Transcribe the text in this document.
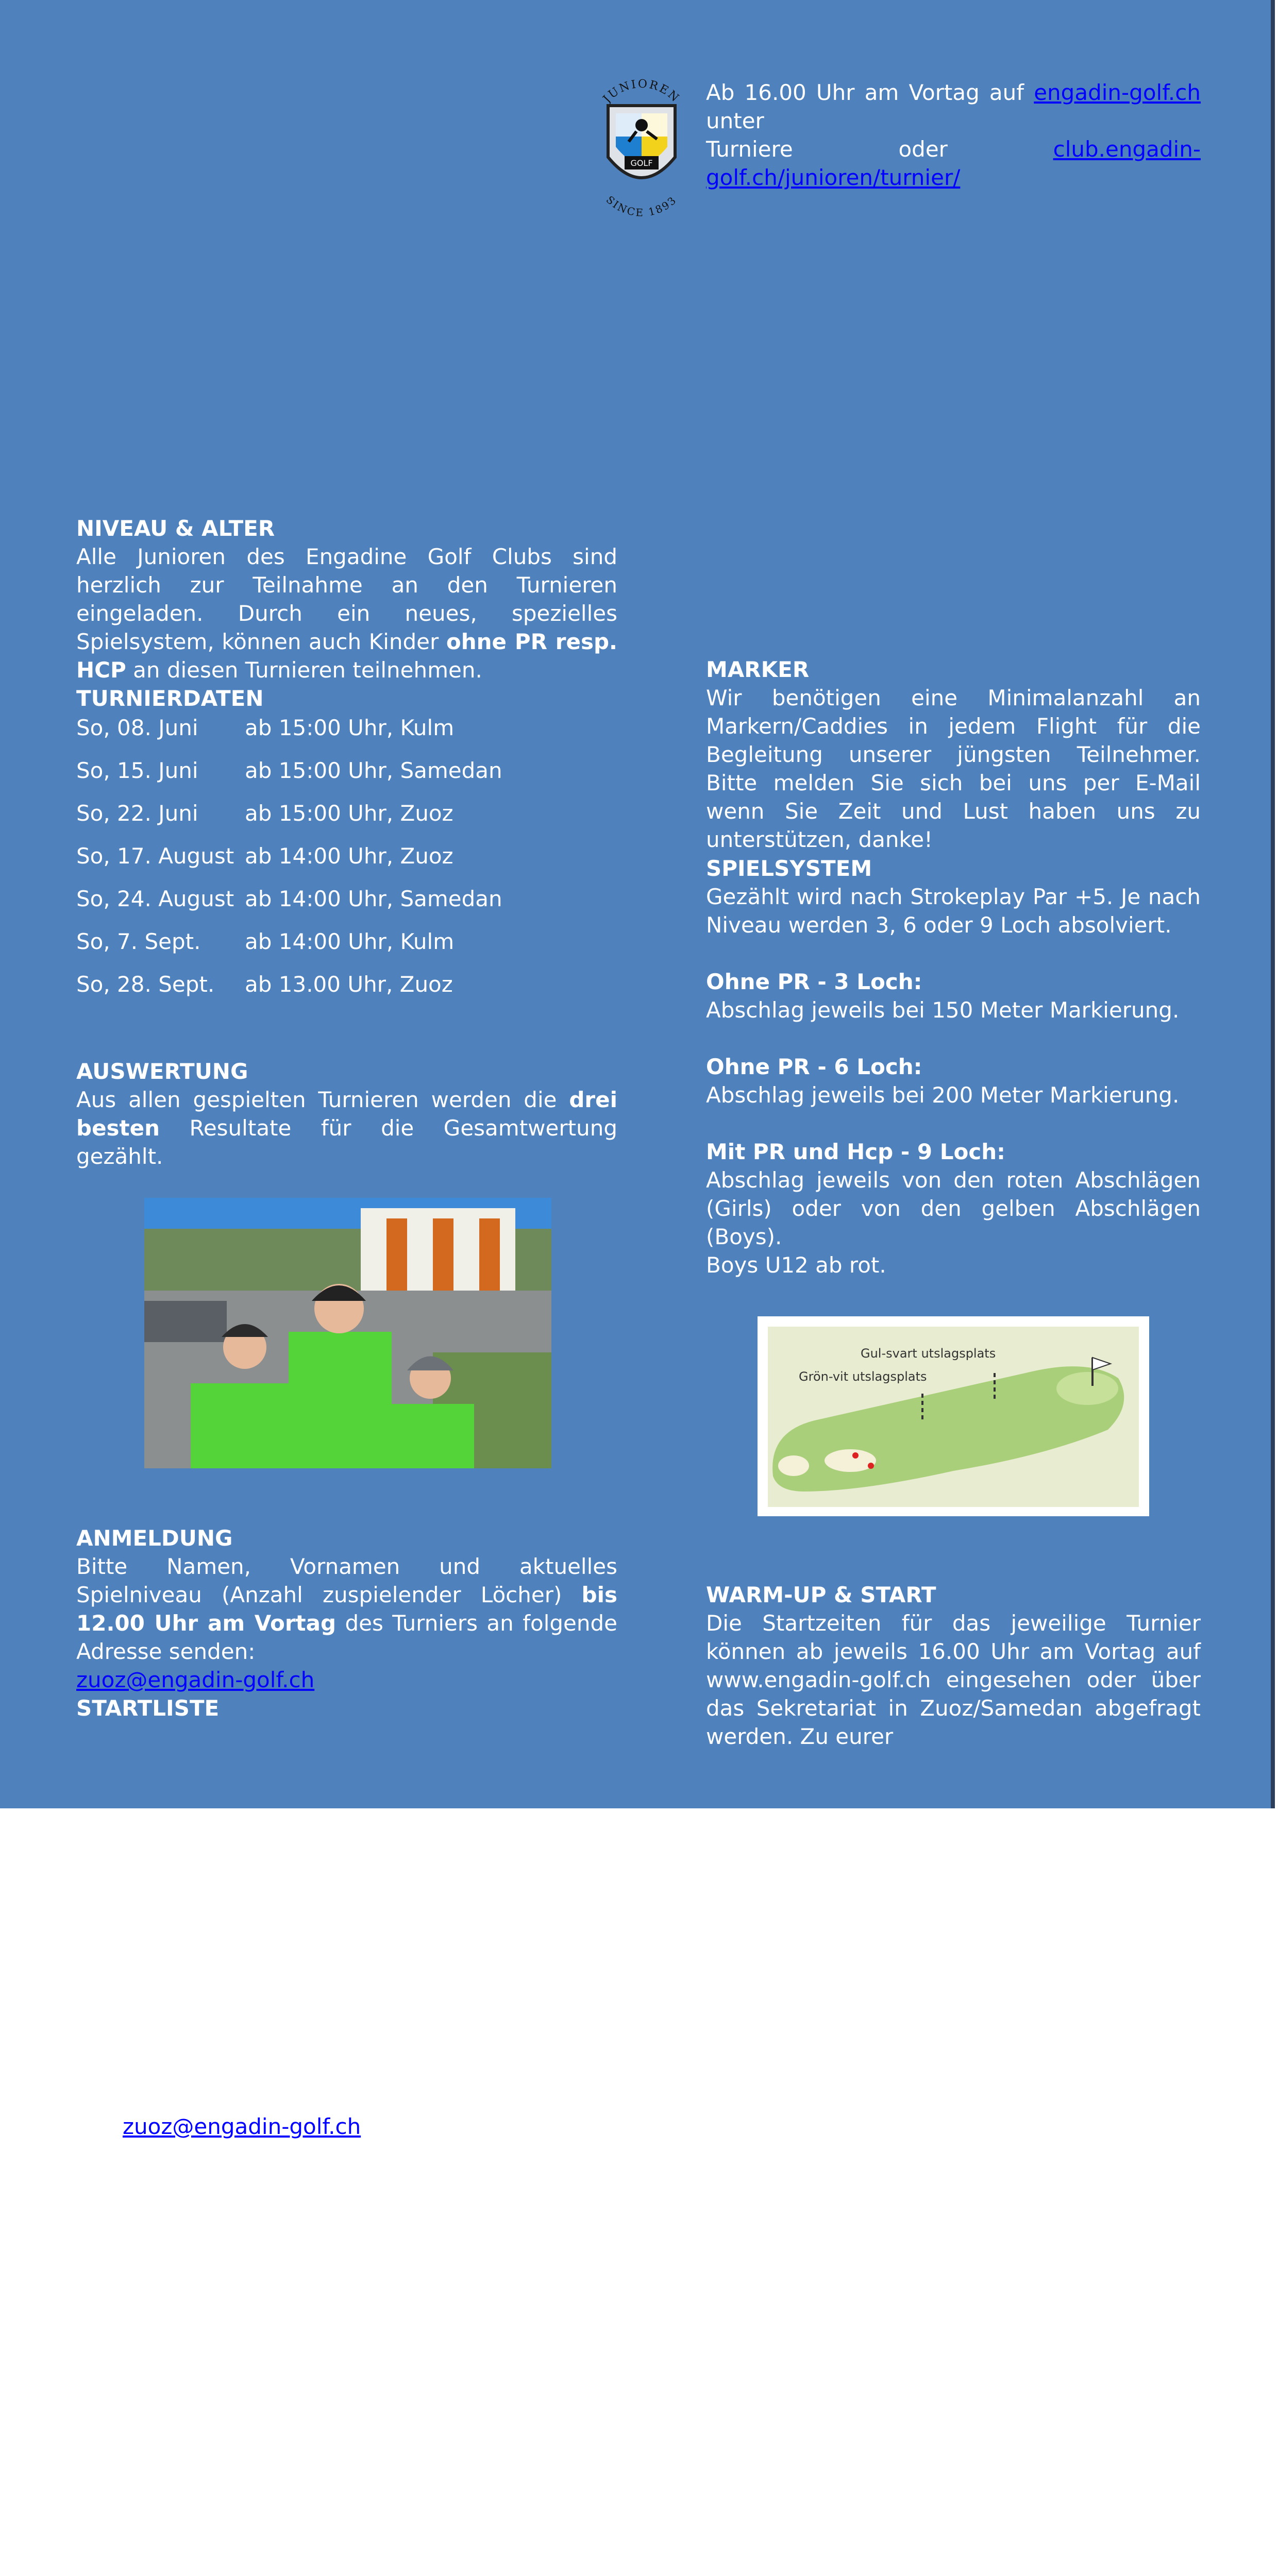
JUNIOREN
GOLF
SINCE 1893
Ab 16.00 Uhr am Vortag auf engadin-golf.ch unter
Turniere oder club.engadin-golf.ch/junioren/turnier/
NIVEAU & ALTER
Alle Junioren des Engadine Golf Clubs sind herzlich zur Teilnahme an den Turnieren eingeladen. Durch ein neues, spezielles Spielsystem, können auch Kinder ohne PR resp. HCP an diesen Turnieren teilnehmen.
TURNIERDATEN
So, 08. Juni ab 15:00 Uhr, Kulm
So, 15. Juni ab 15:00 Uhr, Samedan
So, 22. Juni ab 15:00 Uhr, Zuoz
So, 17. August ab 14:00 Uhr, Zuoz
So, 24. August ab 14:00 Uhr, Samedan
So, 7. Sept. ab 14:00 Uhr, Kulm
So, 28. Sept. ab 13.00 Uhr, Zuoz
AUSWERTUNG
Aus allen gespielten Turnieren werden die drei besten Resultate für die Gesamtwertung gezählt.
ANMELDUNG
Bitte Namen, Vornamen und aktuelles Spielniveau (Anzahl zuspielender Löcher) bis 12.00 Uhr am Vortag des Turniers an folgende Adresse senden:
zuoz@engadin-golf.ch
STARTLISTE
MARKER
Wir benötigen eine Minimalanzahl an Markern/Caddies in jedem Flight für die Begleitung unserer jüngsten Teilnehmer. Bitte melden Sie sich bei uns per E-Mail wenn Sie Zeit und Lust haben uns zu unterstützen, danke!
SPIELSYSTEM
Gezählt wird nach Strokeplay Par +5. Je nach Niveau werden 3, 6 oder 9 Loch absolviert.
Ohne PR - 3 Loch:
Abschlag jeweils bei 150 Meter Markierung.
Ohne PR - 6 Loch:
Abschlag jeweils bei 200 Meter Markierung.
Mit PR und Hcp - 9 Loch:
Abschlag jeweils von den roten Abschlägen (Girls) oder von den gelben Abschlägen (Boys).
Boys U12 ab rot.
Gul-svart utslagsplats
Grön-vit utslagsplats
WARM-UP & START
Die Startzeiten für das jeweilige Turnier können ab jeweils 16.00 Uhr am Vortag auf www.engadin-golf.ch eingesehen oder über das Sekretariat in Zuoz/Samedan abgefragt werden. Zu eurer
zuoz@engadin-golf.ch
